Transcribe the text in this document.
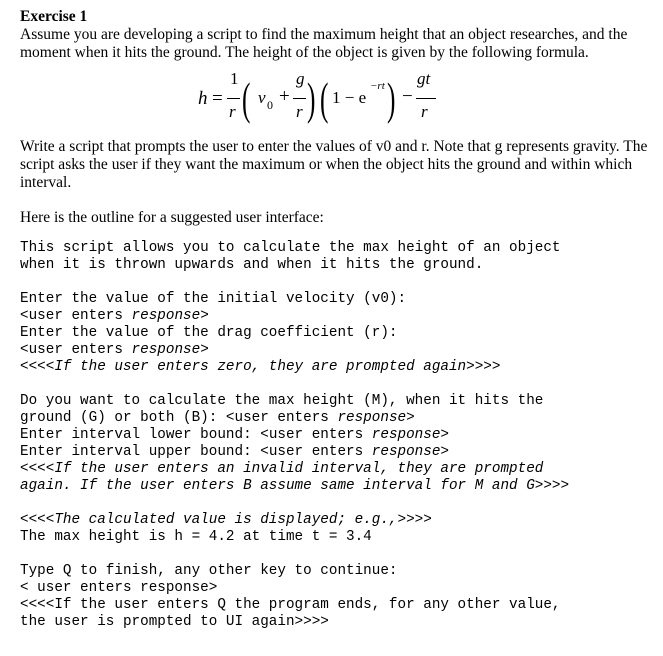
Exercise 1
Assume you are developing a script to find the maximum height that an object researches, and the moment when it hits the ground. The height of the object is given by the following formula.
h =
1
r ( v 0 +
g
r ) ( 1 − e
−rt ) −
gt
r
Write a script that prompts the user to enter the values of v0 and r. Note that g represents gravity. The script asks the user if they want the maximum or when the object hits the ground and within which interval.
Here is the outline for a suggested user interface:
This script allows you to calculate the max height of an object
when it is thrown upwards and when it hits the ground.
Enter the value of the initial velocity (v0):
<user enters response>
Enter the value of the drag coefficient (r):
<user enters response>
<<<<If the user enters zero, they are prompted again>>>>
Do you want to calculate the max height (M), when it hits the
ground (G) or both (B): <user enters response>
Enter interval lower bound: <user enters response>
Enter interval upper bound: <user enters response>
<<<<If the user enters an invalid interval, they are prompted
again. If the user enters B assume same interval for M and G>>>>
<<<<The calculated value is displayed; e.g.,>>>>
The max height is h = 4.2 at time t = 3.4
Type Q to finish, any other key to continue:
< user enters response>
<<<<If the user enters Q the program ends, for any other value,
the user is prompted to UI again>>>>
